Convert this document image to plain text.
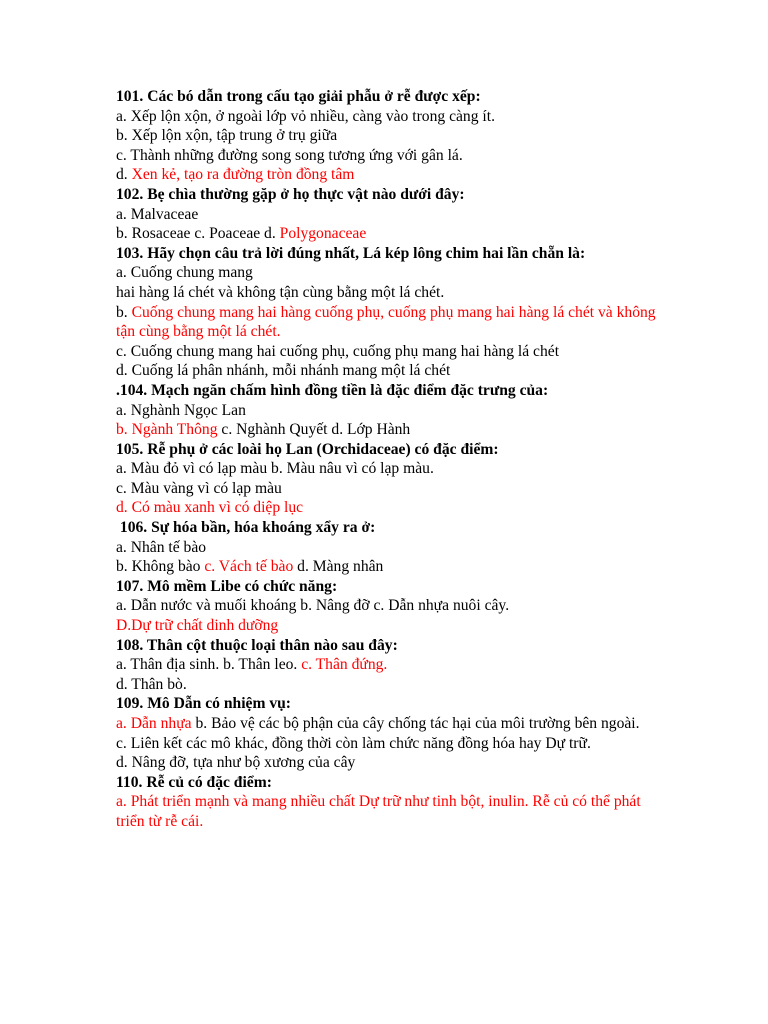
101. Các bó dẫn trong cấu tạo giải phẫu ở rễ được xếp:
a. Xếp lộn xộn, ở ngoài lớp vỏ nhiều, càng vào trong càng ít.
b. Xếp lộn xộn, tập trung ở trụ giữa
c. Thành những đường song song tương ứng với gân lá.
d. Xen kẻ, tạo ra đường tròn đồng tâm
102. Bẹ chìa thường gặp ở họ thực vật nào dưới đây:
a. Malvaceae
b. Rosaceae c. Poaceae d. Polygonaceae
103. Hãy chọn câu trả lời đúng nhất, Lá kép lông chim hai lần chẵn là:
a. Cuống chung mang
hai hàng lá chét và không tận cùng bằng một lá chét.
b. Cuống chung mang hai hàng cuống phụ, cuống phụ mang hai hàng lá chét và không
tận cùng bằng một lá chét.
c. Cuống chung mang hai cuống phụ, cuống phụ mang hai hàng lá chét
d. Cuống lá phân nhánh, mỗi nhánh mang một lá chét
.104. Mạch ngăn chấm hình đồng tiền là đặc điểm đặc trưng của:
a. Nghành Ngọc Lan
b. Ngành Thông c. Nghành Quyết d. Lớp Hành
105. Rễ phụ ở các loài họ Lan (Orchidaceae) có đặc điểm:
a. Màu đỏ vì có lạp màu b. Màu nâu vì có lạp màu.
c. Màu vàng vì có lạp màu
d. Có màu xanh vì có diệp lục
106. Sự hóa bần, hóa khoáng xẩy ra ở:
a. Nhân tế bào
b. Không bào c. Vách tế bào d. Màng nhân
107. Mô mềm Libe có chức năng:
a. Dẫn nước và muối khoáng b. Nâng đỡ c. Dẫn nhựa nuôi cây.
D.Dự trữ chất dinh dưỡng
108. Thân cột thuộc loại thân nào sau đây:
a. Thân địa sinh. b. Thân leo. c. Thân đứng.
d. Thân bò.
109. Mô Dẫn có nhiệm vụ:
a. Dẫn nhựa b. Bảo vệ các bộ phận của cây chống tác hại của môi trường bên ngoài.
c. Liên kết các mô khác, đồng thời còn làm chức năng đồng hóa hay Dự trữ.
d. Nâng đỡ, tựa như bộ xương của cây
110. Rễ củ có đặc điểm:
a. Phát triển mạnh và mang nhiều chất Dự trữ như tinh bột, inulin. Rễ củ có thể phát triển từ rễ cái.
